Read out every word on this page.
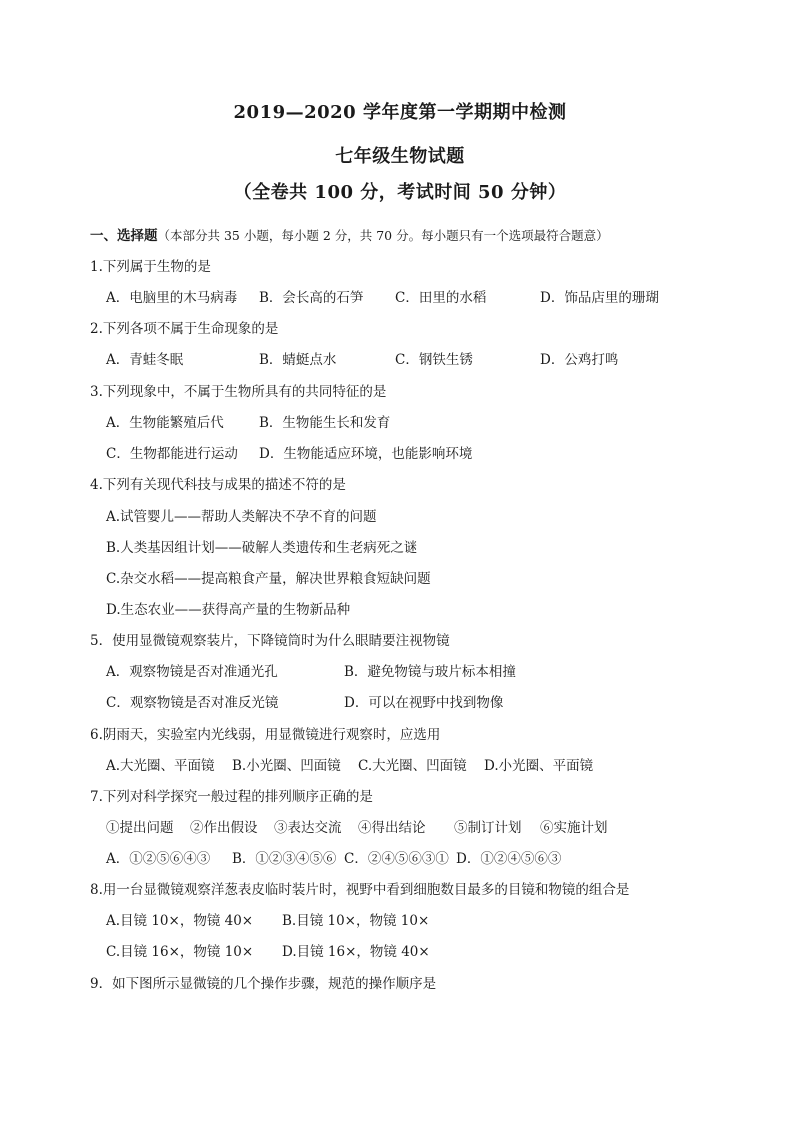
2019—2020 学年度第一学期期中检测
七年级生物试题
（全卷共 100 分，考试时间 50 分钟）
一、选择题（本部分共 35 小题，每小题 2 分，共 70 分。每小题只有一个选项最符合题意）
1.下列属于生物的是
A．电脑里的木马病毒 B．会长高的石笋 C．田里的水稻	D．饰品店里的珊瑚
2.下列各项不属于生命现象的是
A．青蛙冬眠	B．蜻蜓点水	C．钢铁生锈	D．公鸡打鸣
3.下列现象中，不属于生物所具有的共同特征的是
A．生物能繁殖后代	B．生物能生长和发育
C．生物都能进行运动 D．生物能适应环境，也能影响环境
4.下列有关现代科技与成果的描述不符的是
A.试管婴儿——帮助人类解决不孕不育的问题
B.人类基因组计划——破解人类遗传和生老病死之谜
C.杂交水稻——提高粮食产量，解决世界粮食短缺问题
D.生态农业——获得高产量的生物新品种
5．使用显微镜观察装片，下降镜筒时为什么眼睛要注视物镜
A．观察物镜是否对准通光孔	B．避免物镜与玻片标本相撞
C．观察物镜是否对准反光镜	D．可以在视野中找到物像
6.阴雨天，实验室内光线弱，用显微镜进行观察时，应选用
A.大光圈、平面镜 B.小光圈、凹面镜 C.大光圈、凹面镜 D.小光圈、平面镜
7.下列对科学探究一般过程的排列顺序正确的是
①提出问题 ②作出假设 ③表达交流 ④得出结论 ⑤制订计划 ⑥实施计划
A．①②⑤⑥④③ B．①②③④⑤⑥ C．②④⑤⑥③① D．①②④⑤⑥③
8.用一台显微镜观察洋葱表皮临时装片时，视野中看到细胞数目最多的目镜和物镜的组合是
A.目镜 10×，物镜 40× B.目镜 10×，物镜 10×
C.目镜 16×，物镜 10× D.目镜 16×，物镜 40×
9．如下图所示显微镜的几个操作步骤，规范的操作顺序是
